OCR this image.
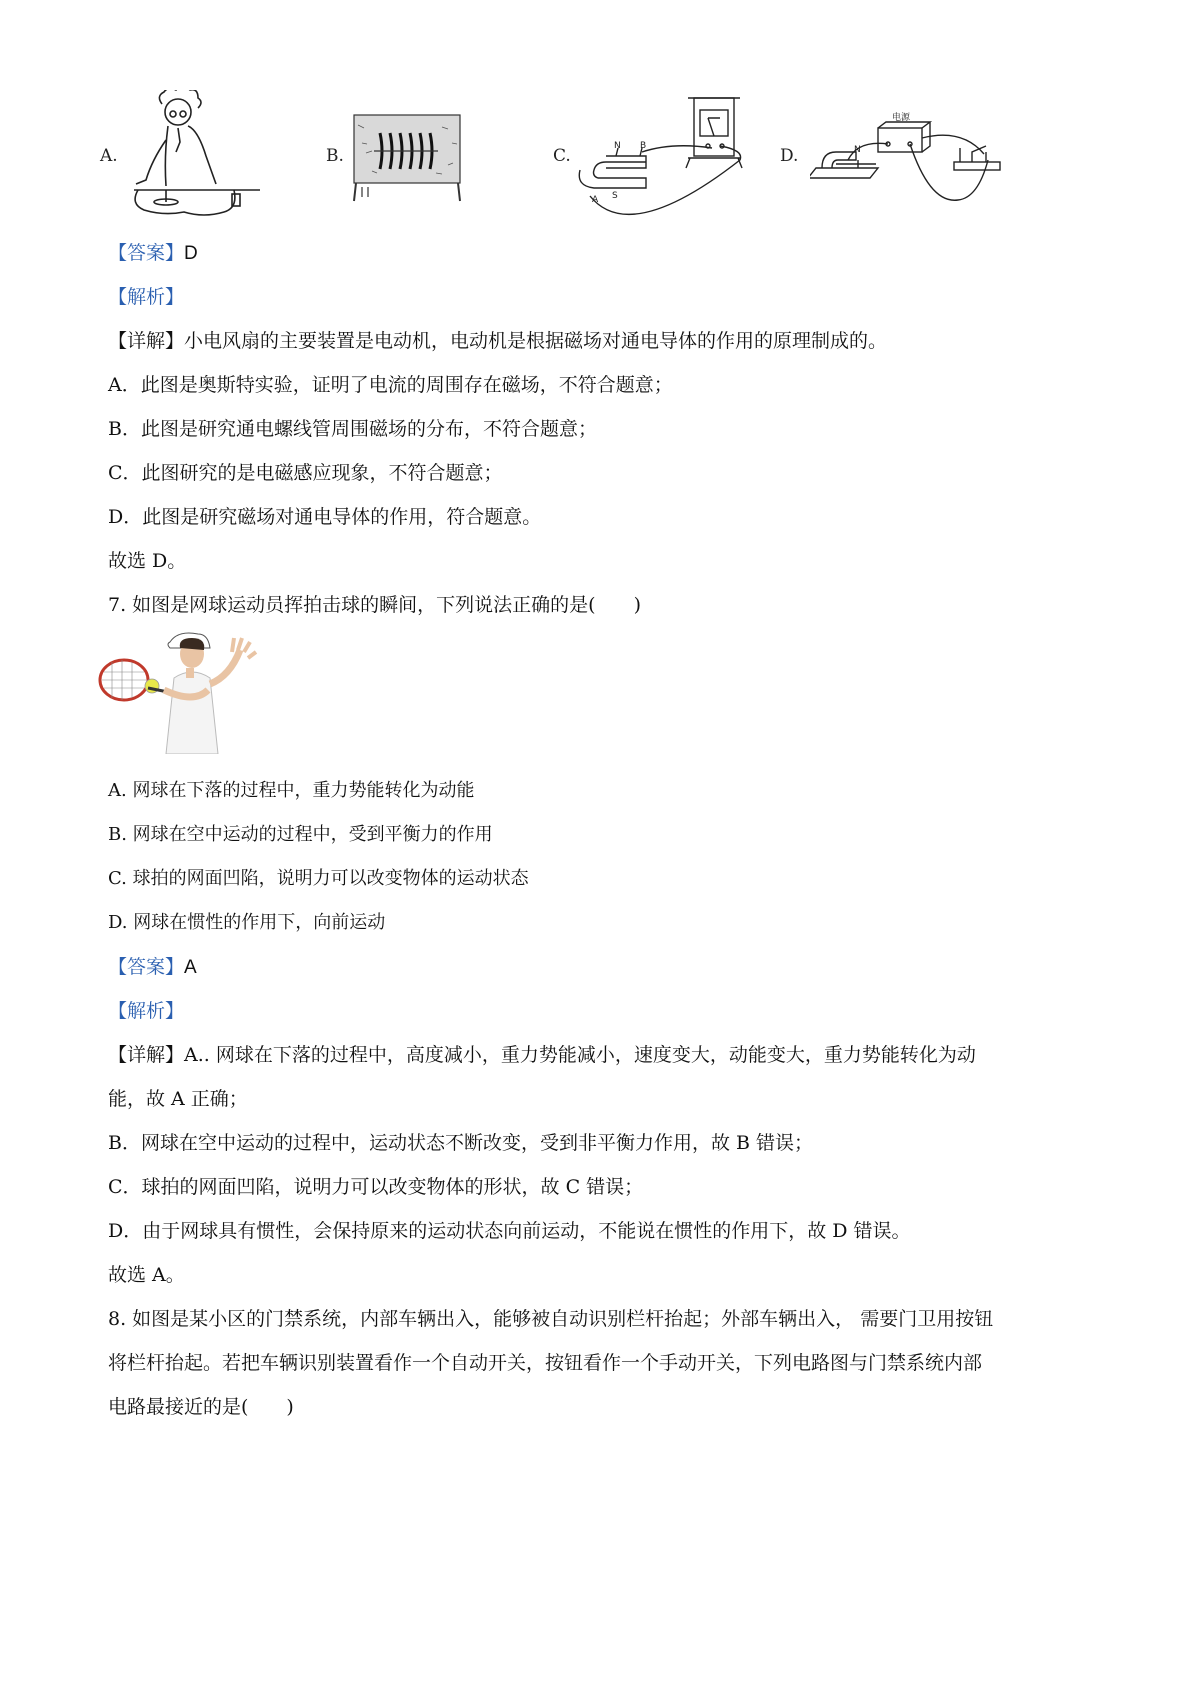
A.	B.	C.	D.
N B
A S
电源
N
【答案】D
【解析】
【详解】小电风扇的主要装置是电动机，电动机是根据磁场对通电导体的作用的原理制成的。
A．此图是奥斯特实验，证明了电流的周围存在磁场，不符合题意；
B．此图是研究通电螺线管周围磁场的分布，不符合题意；
C．此图研究的是电磁感应现象，不符合题意；
D．此图是研究磁场对通电导体的作用，符合题意。
故选 D。
7. 如图是网球运动员挥拍击球的瞬间，下列说法正确的是(　　)
A. 网球在下落的过程中，重力势能转化为动能
B. 网球在空中运动的过程中，受到平衡力的作用
C. 球拍的网面凹陷，说明力可以改变物体的运动状态
D. 网球在惯性的作用下，向前运动
【答案】A
【解析】
【详解】A.. 网球在下落的过程中，高度减小，重力势能减小，速度变大，动能变大，重力势能转化为动
能，故 A 正确；
B．网球在空中运动的过程中，运动状态不断改变，受到非平衡力作用，故 B 错误；
C．球拍的网面凹陷，说明力可以改变物体的形状，故 C 错误；
D．由于网球具有惯性，会保持原来的运动状态向前运动，不能说在惯性的作用下，故 D 错误。
故选 A。
8. 如图是某小区的门禁系统，内部车辆出入，能够被自动识别栏杆抬起；外部车辆出入， 需要门卫用按钮
将栏杆抬起。若把车辆识别装置看作一个自动开关，按钮看作一个手动开关，下列电路图与门禁系统内部
电路最接近的是(　　)
